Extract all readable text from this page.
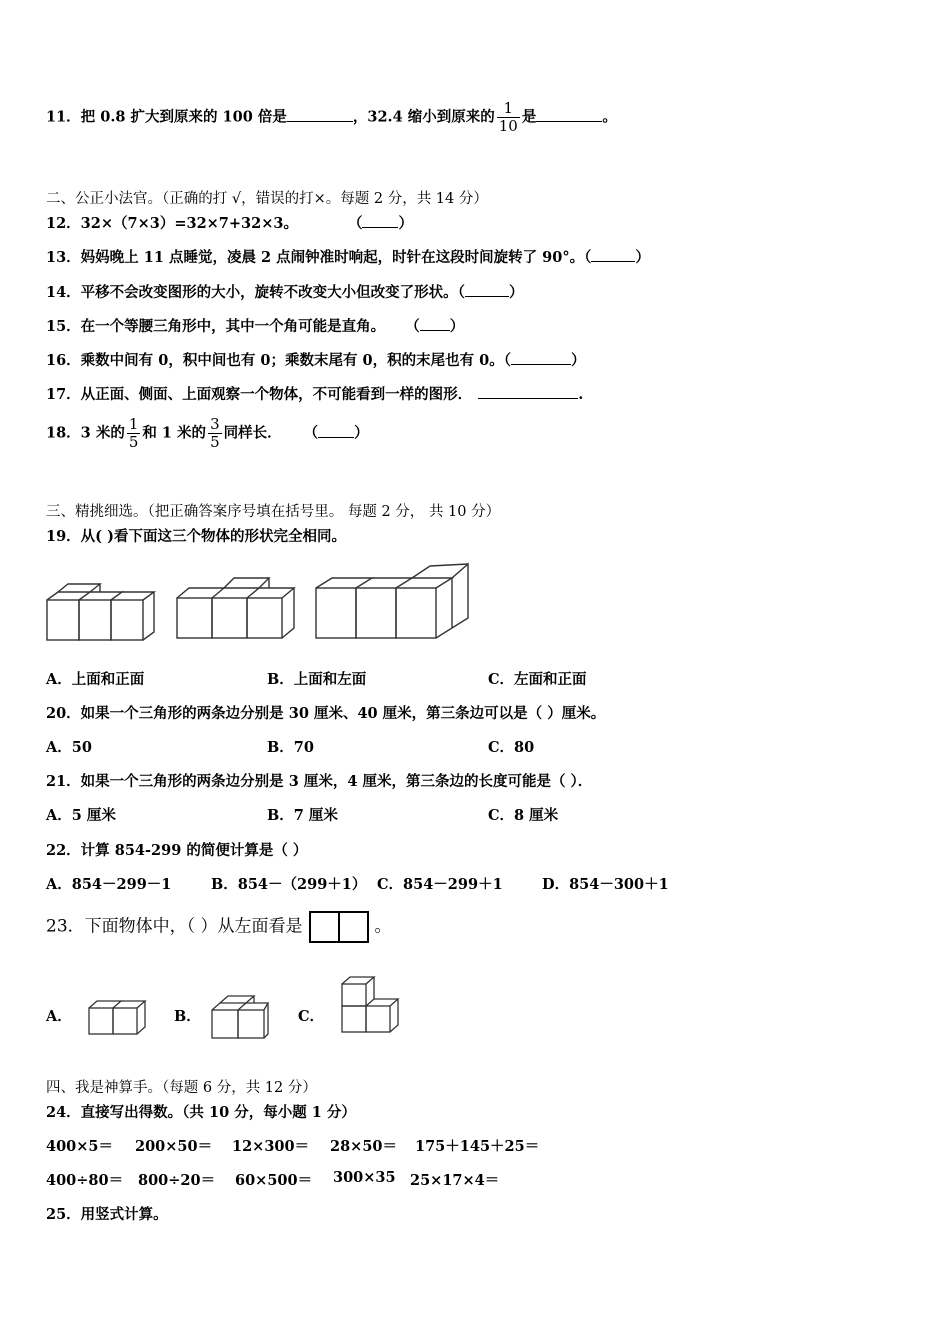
11．把 0.8 扩大到原来的 100 倍是	，32.4 缩小到原来的 $\frac{1}{10}$ 是	。
二、公正小法官。（正确的打 √，错误的打×。每题 2 分，共 14 分）
12．32×（7×3）=32×7+32×3。	（ ）
13．妈妈晚上 11 点睡觉，凌晨 2 点闹钟准时响起，时针在这段时间旋转了 90°。（	）
14．平移不会改变图形的大小，旋转不改变大小但改变了形状。（	）
15．在一个等腰三角形中，其中一个角可能是直角。 （ ）
16．乘数中间有 0，积中间也有 0；乘数末尾有 0，积的末尾也有 0。（	）
17．从正面、侧面、上面观察一个物体，不可能看到一样的图形．	.
18．3 米的 $\frac{1}{5}$ 和 1 米的 $\frac{3}{5}$ 同样长． （ ）
三、精挑细选。（把正确答案序号填在括号里。 每题 2 分， 共 10 分）
19．从( )看下面这三个物体的形状完全相同。
A．上面和正面	B．上面和左面	C．左面和正面
20．如果一个三角形的两条边分别是 30 厘米、40 厘米，第三条边可以是（ ）厘米。
A．50	B．70	C．80
21．如果一个三角形的两条边分别是 3 厘米，4 厘米，第三条边的长度可能是（ ）．
A．5 厘米	B．7 厘米	C．8 厘米
22．计算 854-299 的简便计算是（ ）
A．854－299－1	B．854－（299＋1） C．854－299＋1	D．854－300＋1
23．下面物体中，（ ）从左面看是	。
A．	B．	C．
四、我是神算手。（每题 6 分，共 12 分）
24．直接写出得数。（共 10 分，每小题 1 分）
400×5＝ 200×50＝ 12×300＝ 28×50＝ 175＋145＋25＝
400÷80＝ 800÷20＝ 60×500＝ 300×35 25×17×4＝
25．用竖式计算。
